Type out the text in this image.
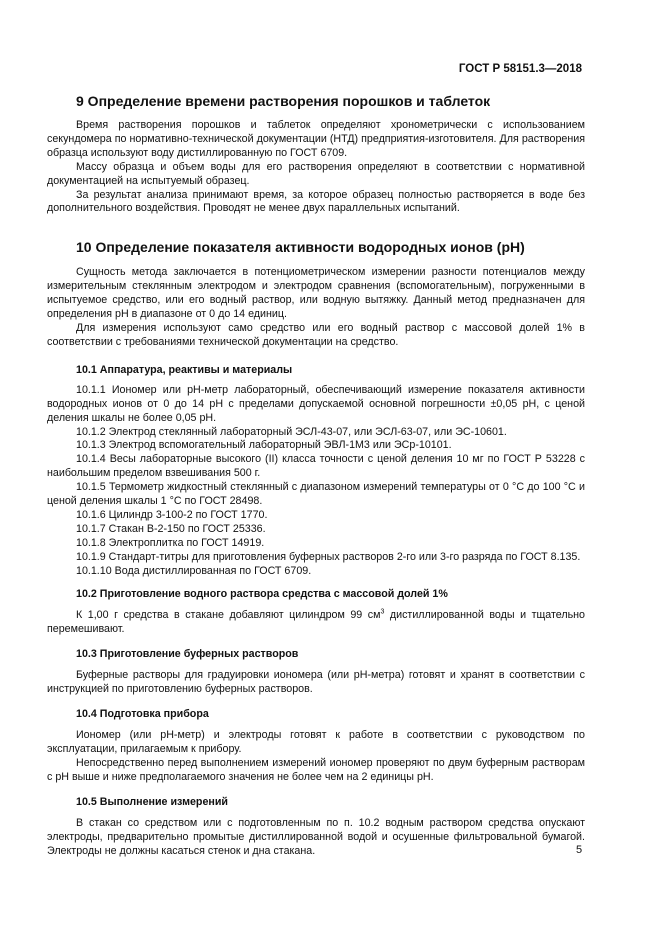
ГОСТ Р 58151.3—2018
9 Определение времени растворения порошков и таблеток

Время растворения порошков и таблеток определяют хронометрически с использованием секундомера по нормативно-технической документации (НТД) предприятия-изготовителя. Для растворения образца используют воду дистиллированную по ГОСТ 6709.

Массу образца и объем воды для его растворения определяют в соответствии с нормативной документацией на испытуемый образец.

За результат анализа принимают время, за которое образец полностью растворяется в воде без дополнительного воздействия. Проводят не менее двух параллельных испытаний.

10 Определение показателя активности водородных ионов (pH)

Сущность метода заключается в потенциометрическом измерении разности потенциалов между измерительным стеклянным электродом и электродом сравнения (вспомогательным), погруженными в испытуемое средство, или его водный раствор, или водную вытяжку. Данный метод предназначен для определения pH в диапазоне от 0 до 14 единиц.

Для измерения используют само средство или его водный раствор с массовой долей 1% в соответствии с требованиями технической документации на средство.

10.1 Аппаратура, реактивы и материалы

10.1.1 Иономер или pH-метр лабораторный, обеспечивающий измерение показателя активности водородных ионов от 0 до 14 pH с пределами допускаемой основной погрешности ±0,05 pH, с ценой деления шкалы не более 0,05 pH.

10.1.2 Электрод стеклянный лабораторный ЭСЛ-43-07, или ЭСЛ-63-07, или ЭС-10601.

10.1.3 Электрод вспомогательный лабораторный ЭВЛ-1М3 или ЭСр-10101.

10.1.4 Весы лабораторные высокого (II) класса точности с ценой деления 10 мг по ГОСТ Р 53228 с наибольшим пределом взвешивания 500 г.

10.1.5 Термометр жидкостный стеклянный с диапазоном измерений температуры от 0 °С до 100 °С и ценой деления шкалы 1 °С по ГОСТ 28498.

10.1.6 Цилиндр 3-100-2 по ГОСТ 1770.

10.1.7 Стакан В-2-150 по ГОСТ 25336.

10.1.8 Электроплитка по ГОСТ 14919.

10.1.9 Стандарт-титры для приготовления буферных растворов 2-го или 3-го разряда по ГОСТ 8.135.

10.1.10 Вода дистиллированная по ГОСТ 6709.

10.2 Приготовление водного раствора средства с массовой долей 1%

К 1,00 г средства в стакане добавляют цилиндром 99 $см^3$ дистиллированной воды и тщательно перемешивают.

10.3 Приготовление буферных растворов

Буферные растворы для градуировки иономера (или pH-метра) готовят и хранят в соответствии с инструкцией по приготовлению буферных растворов.

10.4 Подготовка прибора

Иономер (или pH-метр) и электроды готовят к работе в соответствии с руководством по эксплуатации, прилагаемым к прибору.

Непосредственно перед выполнением измерений иономер проверяют по двум буферным растворам с pH выше и ниже предполагаемого значения не более чем на 2 единицы pH.

10.5 Выполнение измерений

В стакан со средством или с подготовленным по п. 10.2 водным раствором средства опускают электроды, предварительно промытые дистиллированной водой и осушенные фильтровальной бумагой. Электроды не должны касаться стенок и дна стакана.	5
